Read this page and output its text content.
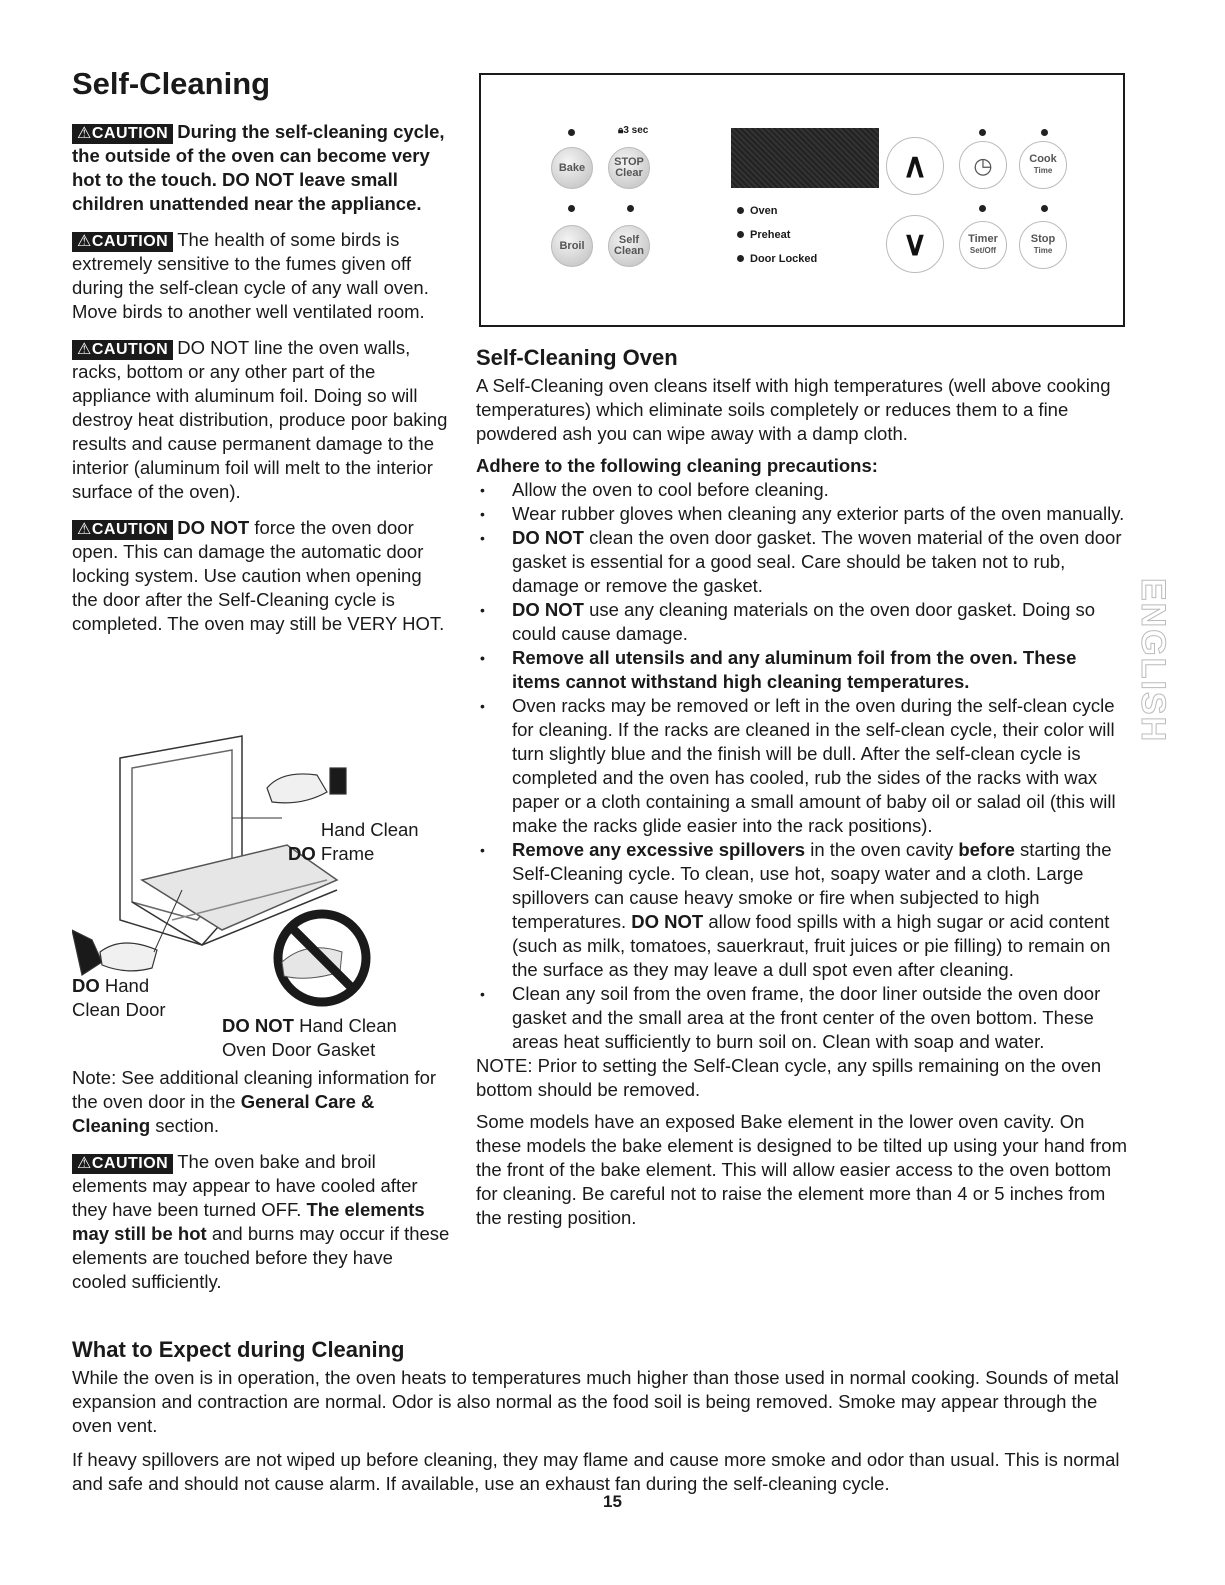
Self-Cleaning

⚠CAUTION During the self-cleaning cycle, the outside of the oven can become very hot to the touch. DO NOT leave small children unattended near the appliance.

⚠CAUTION The health of some birds is extremely sensitive to the fumes given off during the self-clean cycle of any wall oven. Move birds to another well ventilated room.

⚠CAUTION DO NOT line the oven walls, racks, bottom or any other part of the appliance with aluminum foil. Doing so will destroy heat distribution, produce poor baking results and cause permanent damage to the interior (aluminum foil will melt to the interior surface of the oven).

⚠CAUTION DO NOT force the oven door open. This can damage the automatic door locking system. Use caution when opening the door after the Self-Cleaning cycle is completed. The oven may still be VERY HOT.

DO Hand Clean Frame
DO Hand Clean Door
DO NOT Hand Clean Oven Door Gasket

Note: See additional cleaning information for the oven door in the General Care & Cleaning section.

⚠CAUTION The oven bake and broil elements may appear to have cooled after they have been turned OFF. The elements may still be hot and burns may occur if these elements are touched before they have cooled sufficiently.

🔒︎3 sec
Bake	STOP
Clear
Broil	Self
Clean
Oven
Preheat
Door Locked
∧
∨
◷	Cook
Time
Timer
Set/Off
Stop
Time
Self-Cleaning Oven

A Self-Cleaning oven cleans itself with high temperatures (well above cooking temperatures) which eliminate soils completely or reduces them to a fine powdered ash you can wipe away with a damp cloth.

Adhere to the following cleaning precautions:

• Allow the oven to cool before cleaning.
• Wear rubber gloves when cleaning any exterior parts of the oven manually.
• DO NOT clean the oven door gasket. The woven material of the oven door gasket is essential for a good seal. Care should be taken not to rub, damage or remove the gasket.
• DO NOT use any cleaning materials on the oven door gasket. Doing so could cause damage.
• Remove all utensils and any aluminum foil from the oven. These items cannot withstand high cleaning temperatures.
• Oven racks may be removed or left in the oven during the self-clean cycle for cleaning. If the racks are cleaned in the self-clean cycle, their color will turn slightly blue and the finish will be dull. After the self-clean cycle is completed and the oven has cooled, rub the sides of the racks with wax paper or a cloth containing a small amount of baby oil or salad oil (this will make the racks glide easier into the rack positions).
• Remove any excessive spillovers in the oven cavity before starting the Self-Cleaning cycle. To clean, use hot, soapy water and a cloth. Large spillovers can cause heavy smoke or fire when subjected to high temperatures. DO NOT allow food spills with a high sugar or acid content (such as milk, tomatoes, sauerkraut, fruit juices or pie filling) to remain on the surface as they may leave a dull spot even after cleaning.
• Clean any soil from the oven frame, the door liner outside the oven door gasket and the small area at the front center of the oven bottom. These areas heat sufficiently to burn soil on. Clean with soap and water.

NOTE: Prior to setting the Self-Clean cycle, any spills remaining on the oven bottom should be removed.

Some models have an exposed Bake element in the lower oven cavity. On these models the bake element is designed to be tilted up using your hand from the front of the bake element. This will allow easier access to the oven bottom for cleaning. Be careful not to raise the element more than 4 or 5 inches from the resting position.

ENGLISH
What to Expect during Cleaning

While the oven is in operation, the oven heats to temperatures much higher than those used in normal cooking. Sounds of metal expansion and contraction are normal. Odor is also normal as the food soil is being removed. Smoke may appear through the oven vent.

If heavy spillovers are not wiped up before cleaning, they may flame and cause more smoke and odor than usual. This is normal and safe and should not cause alarm. If available, use an exhaust fan during the self-cleaning cycle.

15
